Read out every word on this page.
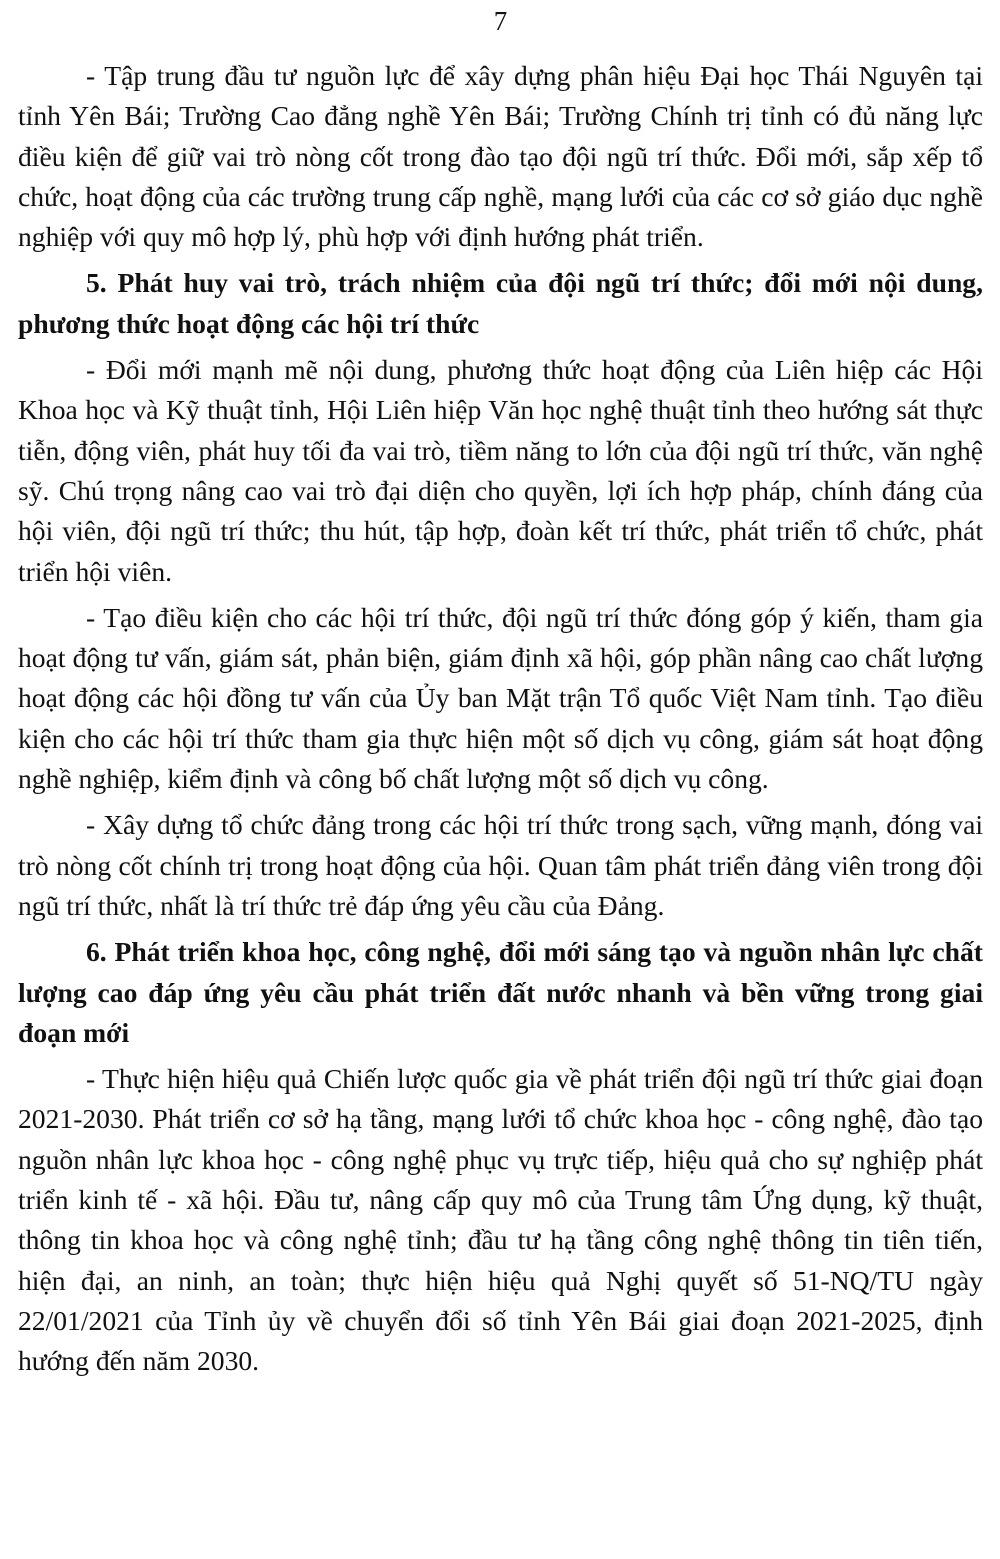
7

- Tập trung đầu tư nguồn lực để xây dựng phân hiệu Đại học Thái Nguyên tại tỉnh Yên Bái; Trường Cao đẳng nghề Yên Bái; Trường Chính trị tỉnh có đủ năng lực điều kiện để giữ vai trò nòng cốt trong đào tạo đội ngũ trí thức. Đổi mới, sắp xếp tổ chức, hoạt động của các trường trung cấp nghề, mạng lưới của các cơ sở giáo dục nghề nghiệp với quy mô hợp lý, phù hợp với định hướng phát triển.

5. Phát huy vai trò, trách nhiệm của đội ngũ trí thức; đổi mới nội dung, phương thức hoạt động các hội trí thức

- Đổi mới mạnh mẽ nội dung, phương thức hoạt động của Liên hiệp các Hội Khoa học và Kỹ thuật tỉnh, Hội Liên hiệp Văn học nghệ thuật tỉnh theo hướng sát thực tiễn, động viên, phát huy tối đa vai trò, tiềm năng to lớn của đội ngũ trí thức, văn nghệ sỹ. Chú trọng nâng cao vai trò đại diện cho quyền, lợi ích hợp pháp, chính đáng của hội viên, đội ngũ trí thức; thu hút, tập hợp, đoàn kết trí thức, phát triển tổ chức, phát triển hội viên.

- Tạo điều kiện cho các hội trí thức, đội ngũ trí thức đóng góp ý kiến, tham gia hoạt động tư vấn, giám sát, phản biện, giám định xã hội, góp phần nâng cao chất lượng hoạt động các hội đồng tư vấn của Ủy ban Mặt trận Tổ quốc Việt Nam tỉnh. Tạo điều kiện cho các hội trí thức tham gia thực hiện một số dịch vụ công, giám sát hoạt động nghề nghiệp, kiểm định và công bố chất lượng một số dịch vụ công.

- Xây dựng tổ chức đảng trong các hội trí thức trong sạch, vững mạnh, đóng vai trò nòng cốt chính trị trong hoạt động của hội. Quan tâm phát triển đảng viên trong đội ngũ trí thức, nhất là trí thức trẻ đáp ứng yêu cầu của Đảng.

6. Phát triển khoa học, công nghệ, đổi mới sáng tạo và nguồn nhân lực chất lượng cao đáp ứng yêu cầu phát triển đất nước nhanh và bền vững trong giai đoạn mới

- Thực hiện hiệu quả Chiến lược quốc gia về phát triển đội ngũ trí thức giai đoạn 2021-2030. Phát triển cơ sở hạ tầng, mạng lưới tổ chức khoa học - công nghệ, đào tạo nguồn nhân lực khoa học - công nghệ phục vụ trực tiếp, hiệu quả cho sự nghiệp phát triển kinh tế - xã hội. Đầu tư, nâng cấp quy mô của Trung tâm Ứng dụng, kỹ thuật, thông tin khoa học và công nghệ tỉnh; đầu tư hạ tầng công nghệ thông tin tiên tiến, hiện đại, an ninh, an toàn; thực hiện hiệu quả Nghị quyết số 51-NQ/TU ngày 22/01/2021 của Tỉnh ủy về chuyển đổi số tỉnh Yên Bái giai đoạn 2021-2025, định hướng đến năm 2030.
